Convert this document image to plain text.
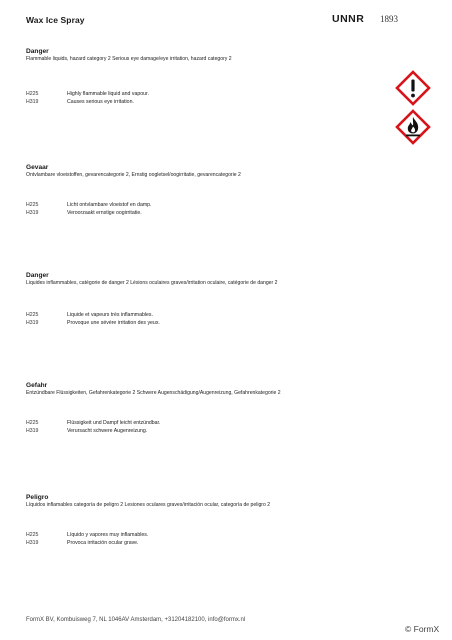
Wax Ice Spray	UNNR 1893
Danger
Flammable liquids, hazard category 2 Serious eye damage/eye irritation, hazard category 2
H225	Highly flammable liquid and vapour.
H319	Causes serious eye irritation.
Gevaar
Ontvlambare vloeistoffen, gevarencategorie 2, Ernstig oogletsel/oogirritatie, gevarencategorie 2
H225	Licht ontvlambare vloeistof en damp.
H319	Veroorzaakt ernstige oogirritatie.
Danger
Liquides inflammables, catégorie de danger 2 Lésions oculaires graves/irritation oculaire, catégorie de danger 2
H225	Liquide et vapeurs très inflammables.
H319	Provoque une sévère irritation des yeux.
Gefahr
Entzündbare Flüssigkeiten, Gefahrenkategorie 2 Schwere Augenschädigung/Augenreizung, Gefahrenkategorie 2
H225	Flüssigkeit und Dampf leicht entzündbar.
H319	Verursacht schwere Augenreizung.
Peligro
Líquidos inflamables categoría de peligro 2 Lesiones oculares graves/irritación ocular, categoría de peligro 2
H225	Líquido y vapores muy inflamables.
H319	Provoca irritación ocular grave.
FormX BV, Kombuisweg 7, NL 1046AV Amsterdam, +31204182100, info@formx.nl
© FormX
